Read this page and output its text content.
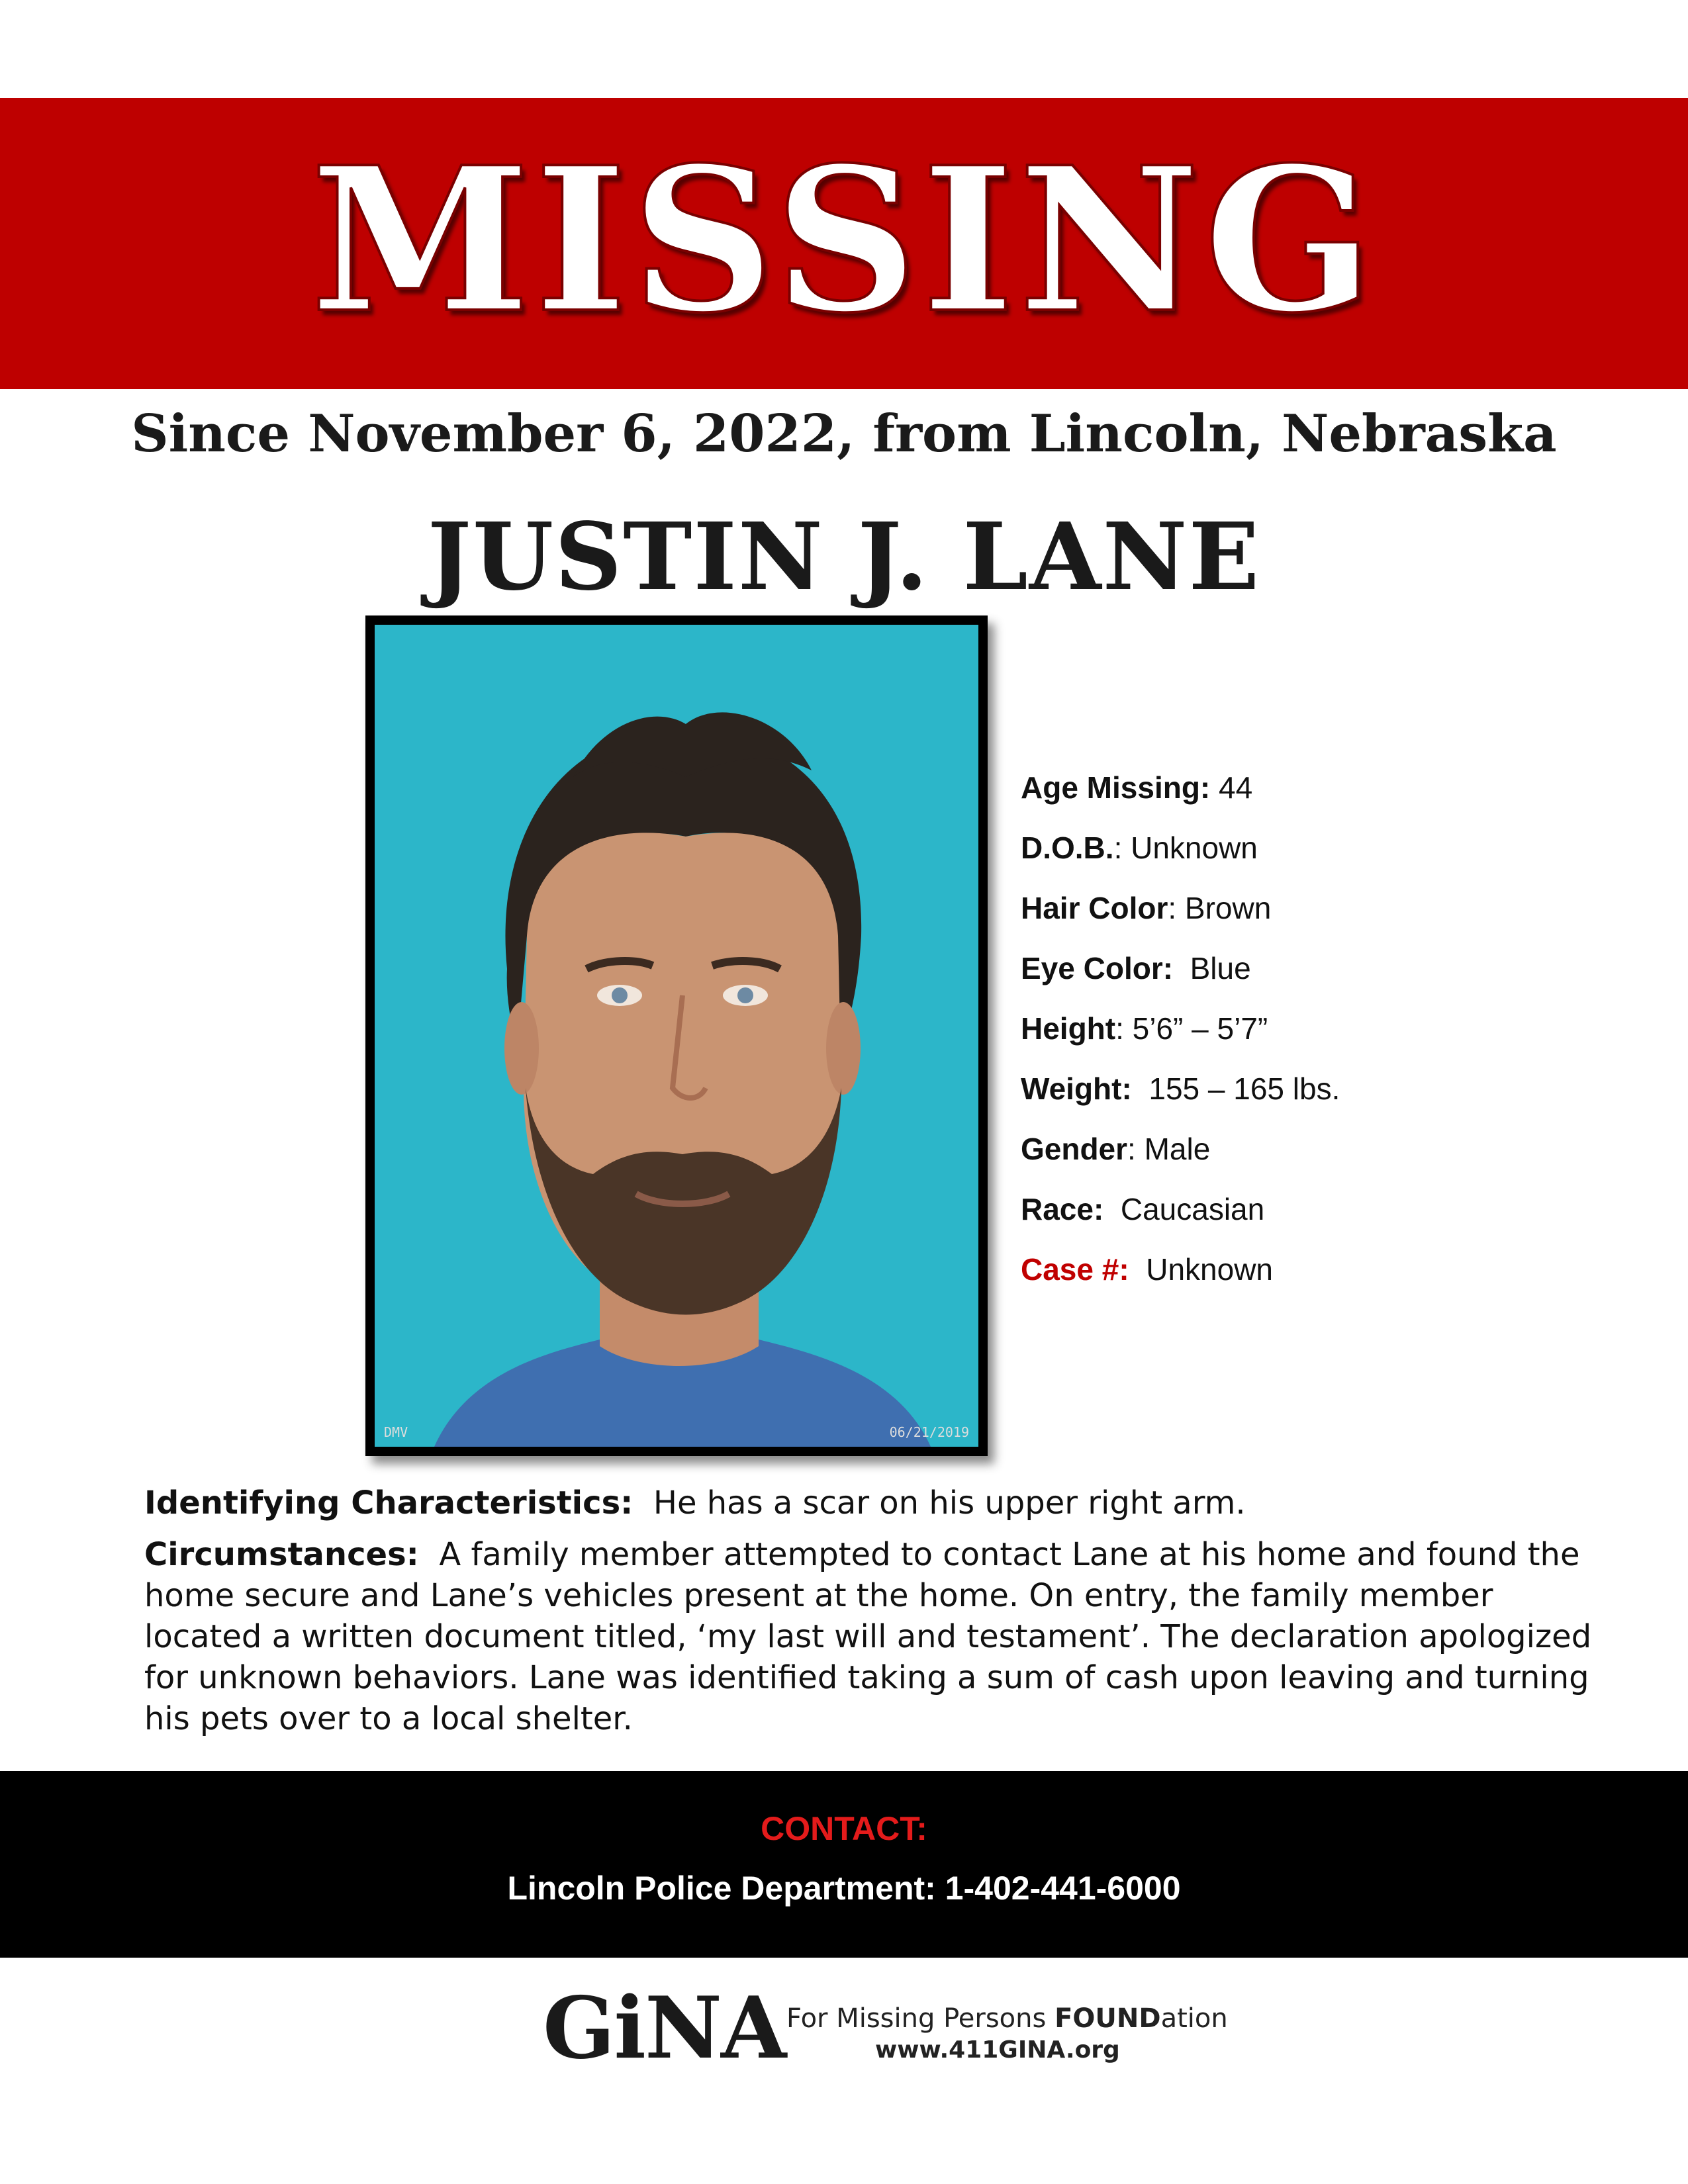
MISSING
Since November 6, 2022, from Lincoln, Nebraska
JUSTIN J. LANE
DMV	06/21/2019
Age Missing: 44
D.O.B.: Unknown
Hair Color: Brown
Eye Color: Blue
Height: 5’6” – 5’7”
Weight: 155 – 165 lbs.
Gender: Male
Race: Caucasian
Case #: Unknown
Identifying Characteristics: He has a scar on his upper right arm.
Circumstances: A family member attempted to contact Lane at his home and found the home secure and Lane’s vehicles present at the home. On entry, the family member located a written document titled, ‘my last will and testament’. The declaration apologized for unknown behaviors. Lane was identified taking a sum of cash upon leaving and turning his pets over to a local shelter.
CONTACT:
Lincoln Police Department: 1-402-441-6000
GiNA For Missing Persons FOUNDation
www.411GINA.org
